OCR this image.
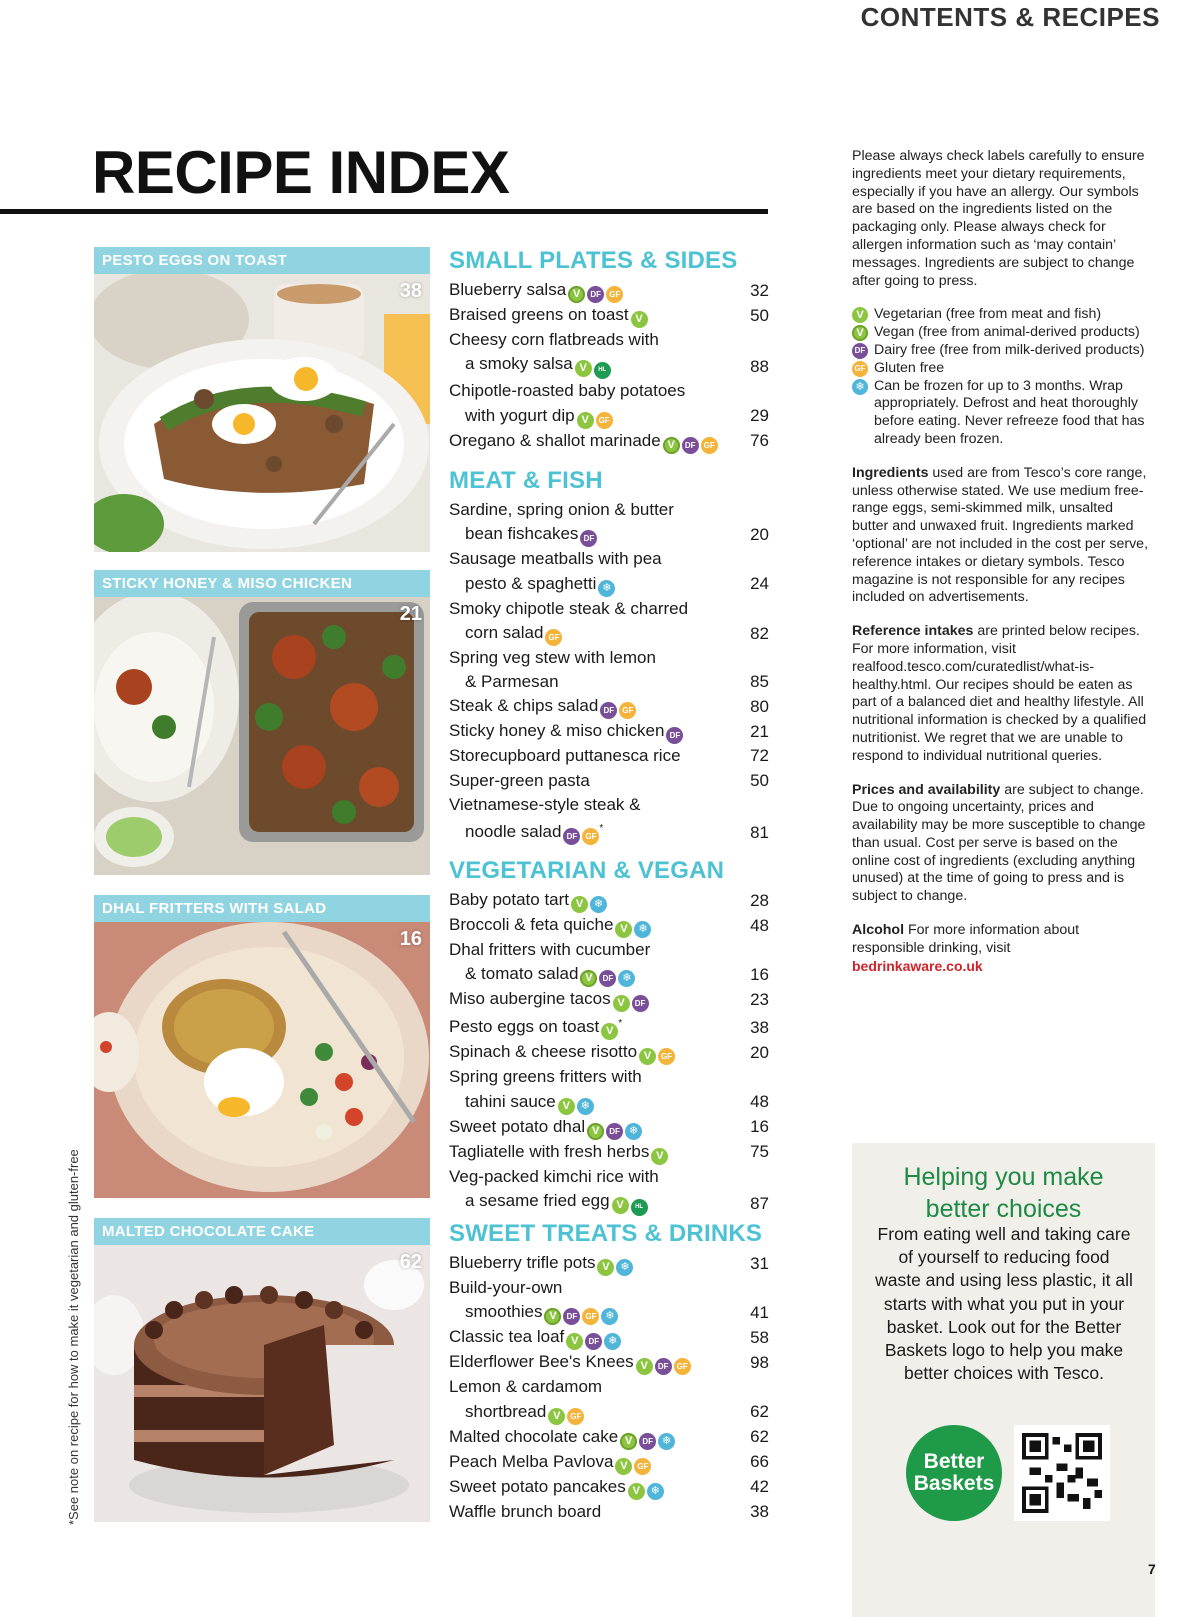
CONTENTS & RECIPES
RECIPE INDEX
PESTO EGGS ON TOAST
38
STICKY HONEY & MISO CHICKEN
21
DHAL FRITTERS WITH SALAD
16
MALTED CHOCOLATE CAKE
62
*See note on recipe for how to make it vegetarian and gluten-free
SMALL PLATES & SIDES
Blueberry salsa V DF GF	32
Braised greens on toast V	50
Cheesy corn flatbreads with
a smoky salsa V HL	88
Chipotle-roasted baby potatoes
with yogurt dip V GF	29
Oregano & shallot marinade V DF GF	76
MEAT & FISH
Sardine, spring onion & butter
bean fishcakes DF	20
Sausage meatballs with pea
pesto & spaghetti ❄	24
Smoky chipotle steak & charred
corn salad GF	82
Spring veg stew with lemon
& Parmesan	85
Steak & chips salad DF GF	80
Sticky honey & miso chicken DF	21
Storecupboard puttanesca rice	72
Super-green pasta	50
Vietnamese-style steak &
noodle salad DF GF*	81
VEGETARIAN & VEGAN
Baby potato tart V ❄	28
Broccoli & feta quiche V ❄	48
Dhal fritters with cucumber
& tomato salad V DF ❄	16
Miso aubergine tacos V DF	23
Pesto eggs on toast V*	38
Spinach & cheese risotto V GF	20
Spring greens fritters with
tahini sauce V ❄	48
Sweet potato dhal V DF ❄	16
Tagliatelle with fresh herbs V	75
Veg-packed kimchi rice with
a sesame fried egg V HL	87
SWEET TREATS & DRINKS
Blueberry trifle pots V ❄	31
Build-your-own
smoothies V DF GF ❄	41
Classic tea loaf V DF ❄	58
Elderflower Bee's Knees V DF GF	98
Lemon & cardamom
shortbread V GF	62
Malted chocolate cake V DF ❄	62
Peach Melba Pavlova V GF	66
Sweet potato pancakes V ❄	42
Waffle brunch board	38

Please always check labels carefully to ensure ingredients meet your dietary requirements, especially if you have an allergy. Our symbols are based on the ingredients listed on the packaging only. Please always check for allergen information such as ‘may contain’ messages. Ingredients are subject to change after going to press.

V Vegetarian (free from meat and fish)
V Vegan (free from animal-derived products)
DF Dairy free (free from milk-derived products)
GF Gluten free
❄ Can be frozen for up to 3 months. Wrap appropriately. Defrost and heat thoroughly before eating. Never refreeze food that has already been frozen.

Ingredients used are from Tesco’s core range, unless otherwise stated. We use medium free-range eggs, semi-skimmed milk, unsalted butter and unwaxed fruit. Ingredients marked ‘optional’ are not included in the cost per serve, reference intakes or dietary symbols. Tesco magazine is not responsible for any recipes included on advertisements.

Reference intakes are printed below recipes. For more information, visit realfood.tesco.com/curatedlist/what-is-healthy.html. Our recipes should be eaten as part of a balanced diet and healthy lifestyle. All nutritional information is checked by a qualified nutritionist. We regret that we are unable to respond to individual nutritional queries.

Prices and availability are subject to change. Due to ongoing uncertainty, prices and availability may be more susceptible to change than usual. Cost per serve is based on the online cost of ingredients (excluding anything unused) at the time of going to press and is subject to change.

Alcohol For more information about responsible drinking, visit
bedrinkaware.co.uk

Helping you make better choices
From eating well and taking care of yourself to reducing food waste and using less plastic, it all starts with what you put in your basket. Look out for the Better Baskets logo to help you make better choices with Tesco.
Better
Baskets
7
